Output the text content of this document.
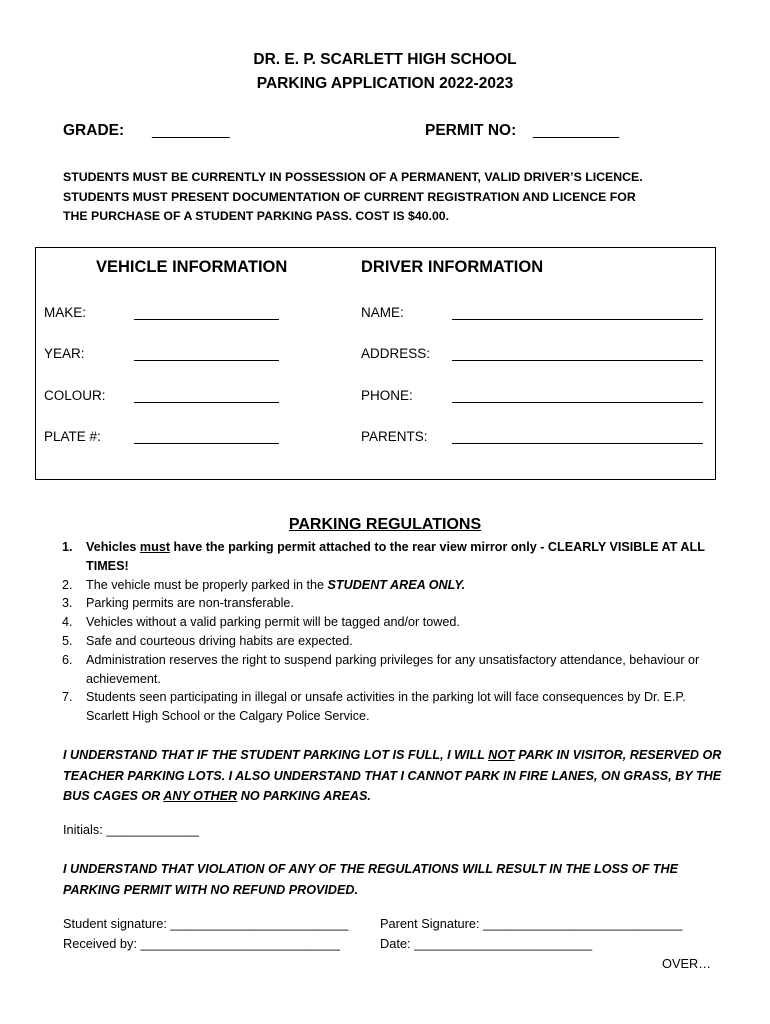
DR. E. P. SCARLETT HIGH SCHOOL
PARKING APPLICATION 2022-2023
GRADE: _________	PERMIT NO: __________
STUDENTS MUST BE CURRENTLY IN POSSESSION OF A PERMANENT, VALID DRIVER’S LICENCE.
STUDENTS MUST PRESENT DOCUMENTATION OF CURRENT REGISTRATION AND LICENCE FOR
THE PURCHASE OF A STUDENT PARKING PASS. COST IS $40.00.
VEHICLE INFORMATION	DRIVER INFORMATION
MAKE:
YEAR:
COLOUR:
PLATE #:
NAME:
ADDRESS:
PHONE:
PARENTS:
PARKING REGULATIONS
1. Vehicles must have the parking permit attached to the rear view mirror only - CLEARLY VISIBLE AT ALL TIMES!
2. The vehicle must be properly parked in the STUDENT AREA ONLY.
3. Parking permits are non-transferable.
4. Vehicles without a valid parking permit will be tagged and/or towed.
5. Safe and courteous driving habits are expected.
6. Administration reserves the right to suspend parking privileges for any unsatisfactory attendance, behaviour or achievement.
7. Students seen participating in illegal or unsafe activities in the parking lot will face consequences by Dr. E.P. Scarlett High School or the Calgary Police Service.
I UNDERSTAND THAT IF THE STUDENT PARKING LOT IS FULL, I WILL NOT PARK IN VISITOR, RESERVED OR TEACHER PARKING LOTS. I ALSO UNDERSTAND THAT I CANNOT PARK IN FIRE LANES, ON GRASS, BY THE BUS CAGES OR ANY OTHER NO PARKING AREAS.
Initials: _____________
I UNDERSTAND THAT VIOLATION OF ANY OF THE REGULATIONS WILL RESULT IN THE LOSS OF THE PARKING PERMIT WITH NO REFUND PROVIDED.
Student signature: _________________________
Received by: ____________________________
Parent Signature: ____________________________
Date: _________________________
OVER…
